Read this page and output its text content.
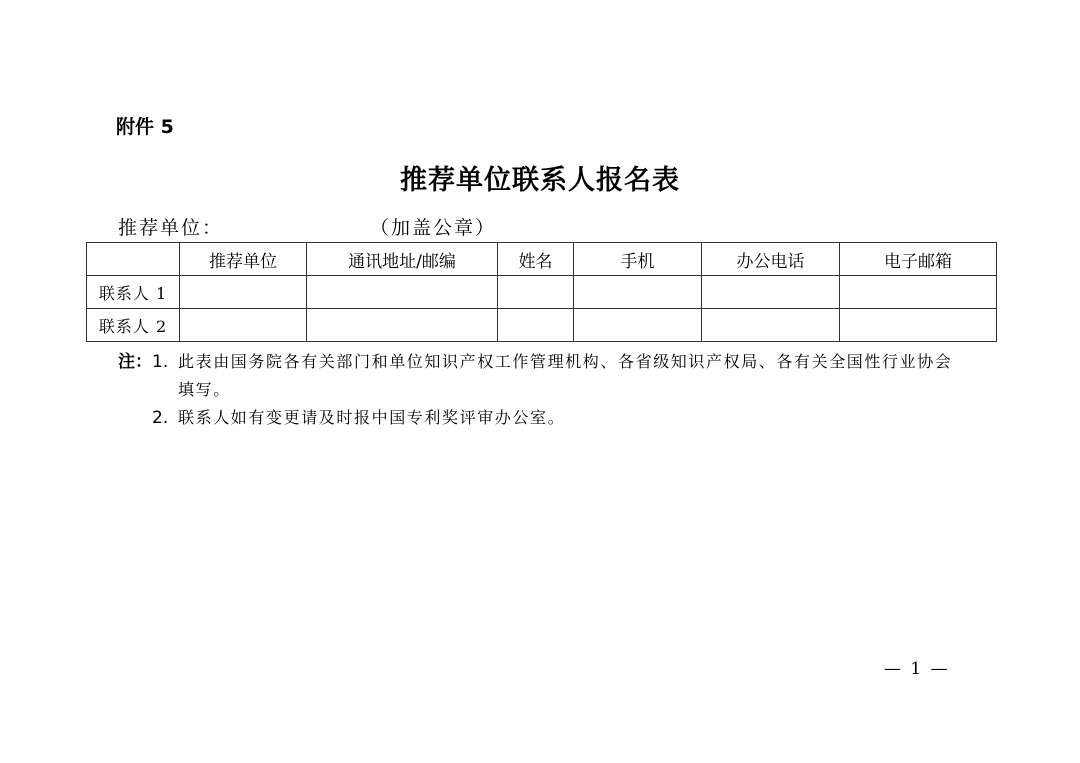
附件 5
推荐单位联系人报名表
推荐单位：	（加盖公章）
	推荐单位	通讯地址/邮编	姓名	手机	办公电话	电子邮箱
联系人 1						
联系人 2						
注： 1. 此表由国务院各有关部门和单位知识产权工作管理机构、各省级知识产权局、各有关全国性行业协会
填写。
2. 联系人如有变更请及时报中国专利奖评审办公室。
— 1 —
